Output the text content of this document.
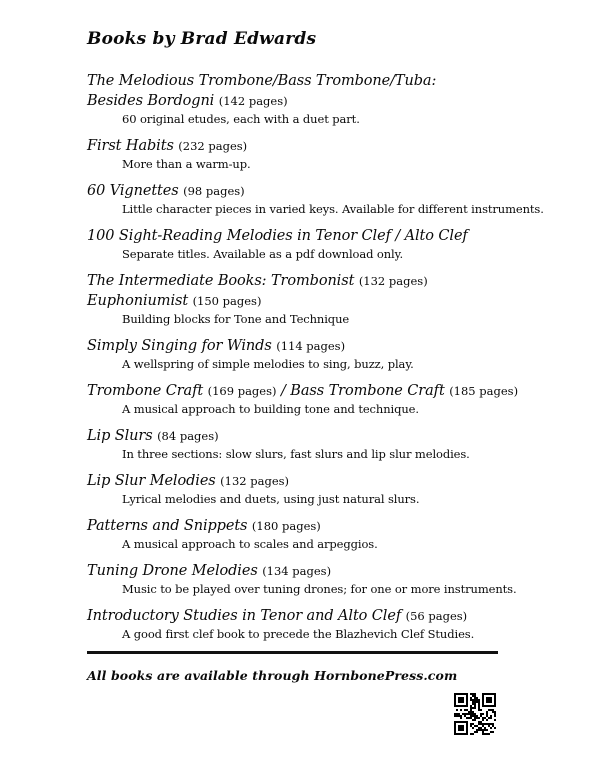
Books by Brad Edwards
The Melodious Trombone/Bass Trombone/Tuba:
Besides Bordogni (142 pages)
60 original etudes, each with a duet part.
First Habits (232 pages)
More than a warm-up.
60 Vignettes (98 pages)
Little character pieces in varied keys. Available for different instruments.
100 Sight-Reading Melodies in Tenor Clef / Alto Clef
Separate titles. Available as a pdf download only.
The Intermediate Books: Trombonist (132 pages)
Euphoniumist (150 pages)
Building blocks for Tone and Technique
Simply Singing for Winds (114 pages)
A wellspring of simple melodies to sing, buzz, play.
Trombone Craft (169 pages) / Bass Trombone Craft (185 pages)
A musical approach to building tone and technique.
Lip Slurs (84 pages)
In three sections: slow slurs, fast slurs and lip slur melodies.
Lip Slur Melodies (132 pages)
Lyrical melodies and duets, using just natural slurs.
Patterns and Snippets (180 pages)
A musical approach to scales and arpeggios.
Tuning Drone Melodies (134 pages)
Music to be played over tuning drones; for one or more instruments.
Introductory Studies in Tenor and Alto Clef (56 pages)
A good first clef book to precede the Blazhevich Clef Studies.
All books are available through HornbonePress.com
